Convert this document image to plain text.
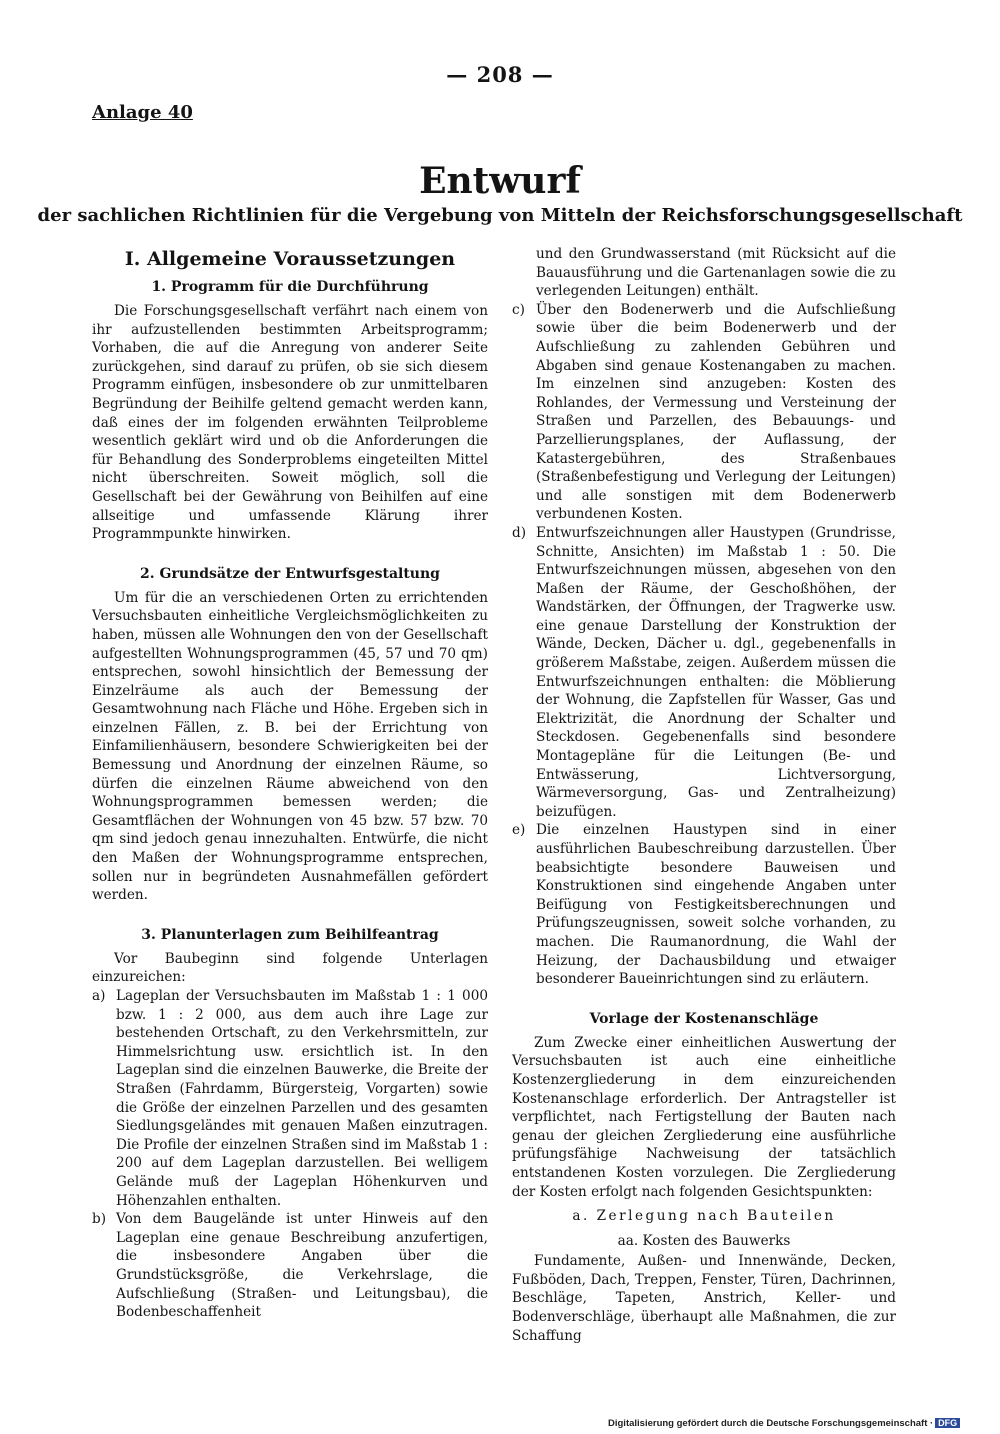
— 208 —
Anlage 40
Entwurf
der sachlichen Richtlinien für die Vergebung von Mitteln der Reichsforschungsgesellschaft
I. Allgemeine Voraussetzungen
1. Programm für die Durchführung

Die Forschungsgesellschaft verfährt nach einem von ihr aufzustellenden bestimmten Arbeitsprogramm; Vorhaben, die auf die Anregung von anderer Seite zurückgehen, sind darauf zu prüfen, ob sie sich diesem Programm einfügen, insbesondere ob zur unmittelbaren Begründung der Beihilfe geltend gemacht werden kann, daß eines der im folgenden erwähnten Teilprobleme wesentlich geklärt wird und ob die Anforderungen die für Behandlung des Sonderproblems eingeteilten Mittel nicht überschreiten. Soweit möglich, soll die Gesellschaft bei der Gewährung von Beihilfen auf eine allseitige und umfassende Klärung ihrer Programmpunkte hinwirken.

2. Grundsätze der Entwurfsgestaltung

Um für die an verschiedenen Orten zu errichtenden Versuchsbauten einheitliche Vergleichsmöglichkeiten zu haben, müssen alle Wohnungen den von der Gesellschaft aufgestellten Wohnungsprogrammen (45, 57 und 70 qm) entsprechen, sowohl hinsichtlich der Bemessung der Einzelräume als auch der Bemessung der Gesamtwohnung nach Fläche und Höhe. Ergeben sich in einzelnen Fällen, z. B. bei der Errichtung von Einfamilienhäusern, besondere Schwierigkeiten bei der Bemessung und Anordnung der einzelnen Räume, so dürfen die einzelnen Räume abweichend von den Wohnungsprogrammen bemessen werden; die Gesamtflächen der Wohnungen von 45 bzw. 57 bzw. 70 qm sind jedoch genau innezuhalten. Entwürfe, die nicht den Maßen der Wohnungsprogramme entsprechen, sollen nur in begründeten Ausnahmefällen gefördert werden.

3. Planunterlagen zum Beihilfeantrag

Vor Baubeginn sind folgende Unterlagen einzureichen:

a) Lageplan der Versuchsbauten im Maßstab 1 : 1 000 bzw. 1 : 2 000, aus dem auch ihre Lage zur bestehenden Ortschaft, zu den Verkehrsmitteln, zur Himmelsrichtung usw. ersichtlich ist. In den Lageplan sind die einzelnen Bauwerke, die Breite der Straßen (Fahrdamm, Bürgersteig, Vorgarten) sowie die Größe der einzelnen Parzellen und des gesamten Siedlungsgeländes mit genauen Maßen einzutragen. Die Profile der einzelnen Straßen sind im Maßstab 1 : 200 auf dem Lageplan darzustellen. Bei welligem Gelände muß der Lageplan Höhenkurven und Höhenzahlen enthalten.
b) Von dem Baugelände ist unter Hinweis auf den Lageplan eine genaue Beschreibung anzufertigen, die insbesondere Angaben über die Grundstücksgröße, die Verkehrslage, die Aufschließung (Straßen- und Leitungsbau), die Bodenbeschaffenheit

und den Grundwasserstand (mit Rücksicht auf die Bauausführung und die Gartenanlagen sowie die zu verlegenden Leitungen) enthält.

c) Über den Bodenerwerb und die Aufschließung sowie über die beim Bodenerwerb und der Aufschließung zu zahlenden Gebühren und Abgaben sind genaue Kostenangaben zu machen. Im einzelnen sind anzugeben: Kosten des Rohlandes, der Vermessung und Versteinung der Straßen und Parzellen, des Bebauungs- und Parzellierungsplanes, der Auflassung, der Katastergebühren, des Straßenbaues (Straßenbefestigung und Verlegung der Leitungen) und alle sonstigen mit dem Bodenerwerb verbundenen Kosten.
d) Entwurfszeichnungen aller Haustypen (Grundrisse, Schnitte, Ansichten) im Maßstab 1 : 50. Die Entwurfszeichnungen müssen, abgesehen von den Maßen der Räume, der Geschoßhöhen, der Wandstärken, der Öffnungen, der Tragwerke usw. eine genaue Darstellung der Konstruktion der Wände, Decken, Dächer u. dgl., gegebenenfalls in größerem Maßstabe, zeigen. Außerdem müssen die Entwurfszeichnungen enthalten: die Möblierung der Wohnung, die Zapfstellen für Wasser, Gas und Elektrizität, die Anordnung der Schalter und Steckdosen. Gegebenenfalls sind besondere Montagepläne für die Leitungen (Be- und Entwässerung, Lichtversorgung, Wärmeversorgung, Gas- und Zentralheizung) beizufügen.
e) Die einzelnen Haustypen sind in einer ausführlichen Baubeschreibung darzustellen. Über beabsichtigte besondere Bauweisen und Konstruktionen sind eingehende Angaben unter Beifügung von Festigkeitsberechnungen und Prüfungszeugnissen, soweit solche vorhanden, zu machen. Die Raumanordnung, die Wahl der Heizung, der Dachausbildung und etwaiger besonderer Baueinrichtungen sind zu erläutern.
Vorlage der Kostenanschläge

Zum Zwecke einer einheitlichen Auswertung der Versuchsbauten ist auch eine einheitliche Kostenzergliederung in dem einzureichenden Kostenanschlage erforderlich. Der Antragsteller ist verpflichtet, nach Fertigstellung der Bauten nach genau der gleichen Zergliederung eine ausführliche prüfungsfähige Nachweisung der tatsächlich entstandenen Kosten vorzulegen. Die Zergliederung der Kosten erfolgt nach folgenden Gesichtspunkten:

a. Zerlegung nach Bauteilen
aa. Kosten des Bauwerks

Fundamente, Außen- und Innenwände, Decken, Fußböden, Dach, Treppen, Fenster, Türen, Dachrinnen, Beschläge, Tapeten, Anstrich, Keller- und Bodenverschläge, überhaupt alle Maßnahmen, die zur Schaffung

Digitalisierung gefördert durch die Deutsche Forschungsgemeinschaft · DFG
